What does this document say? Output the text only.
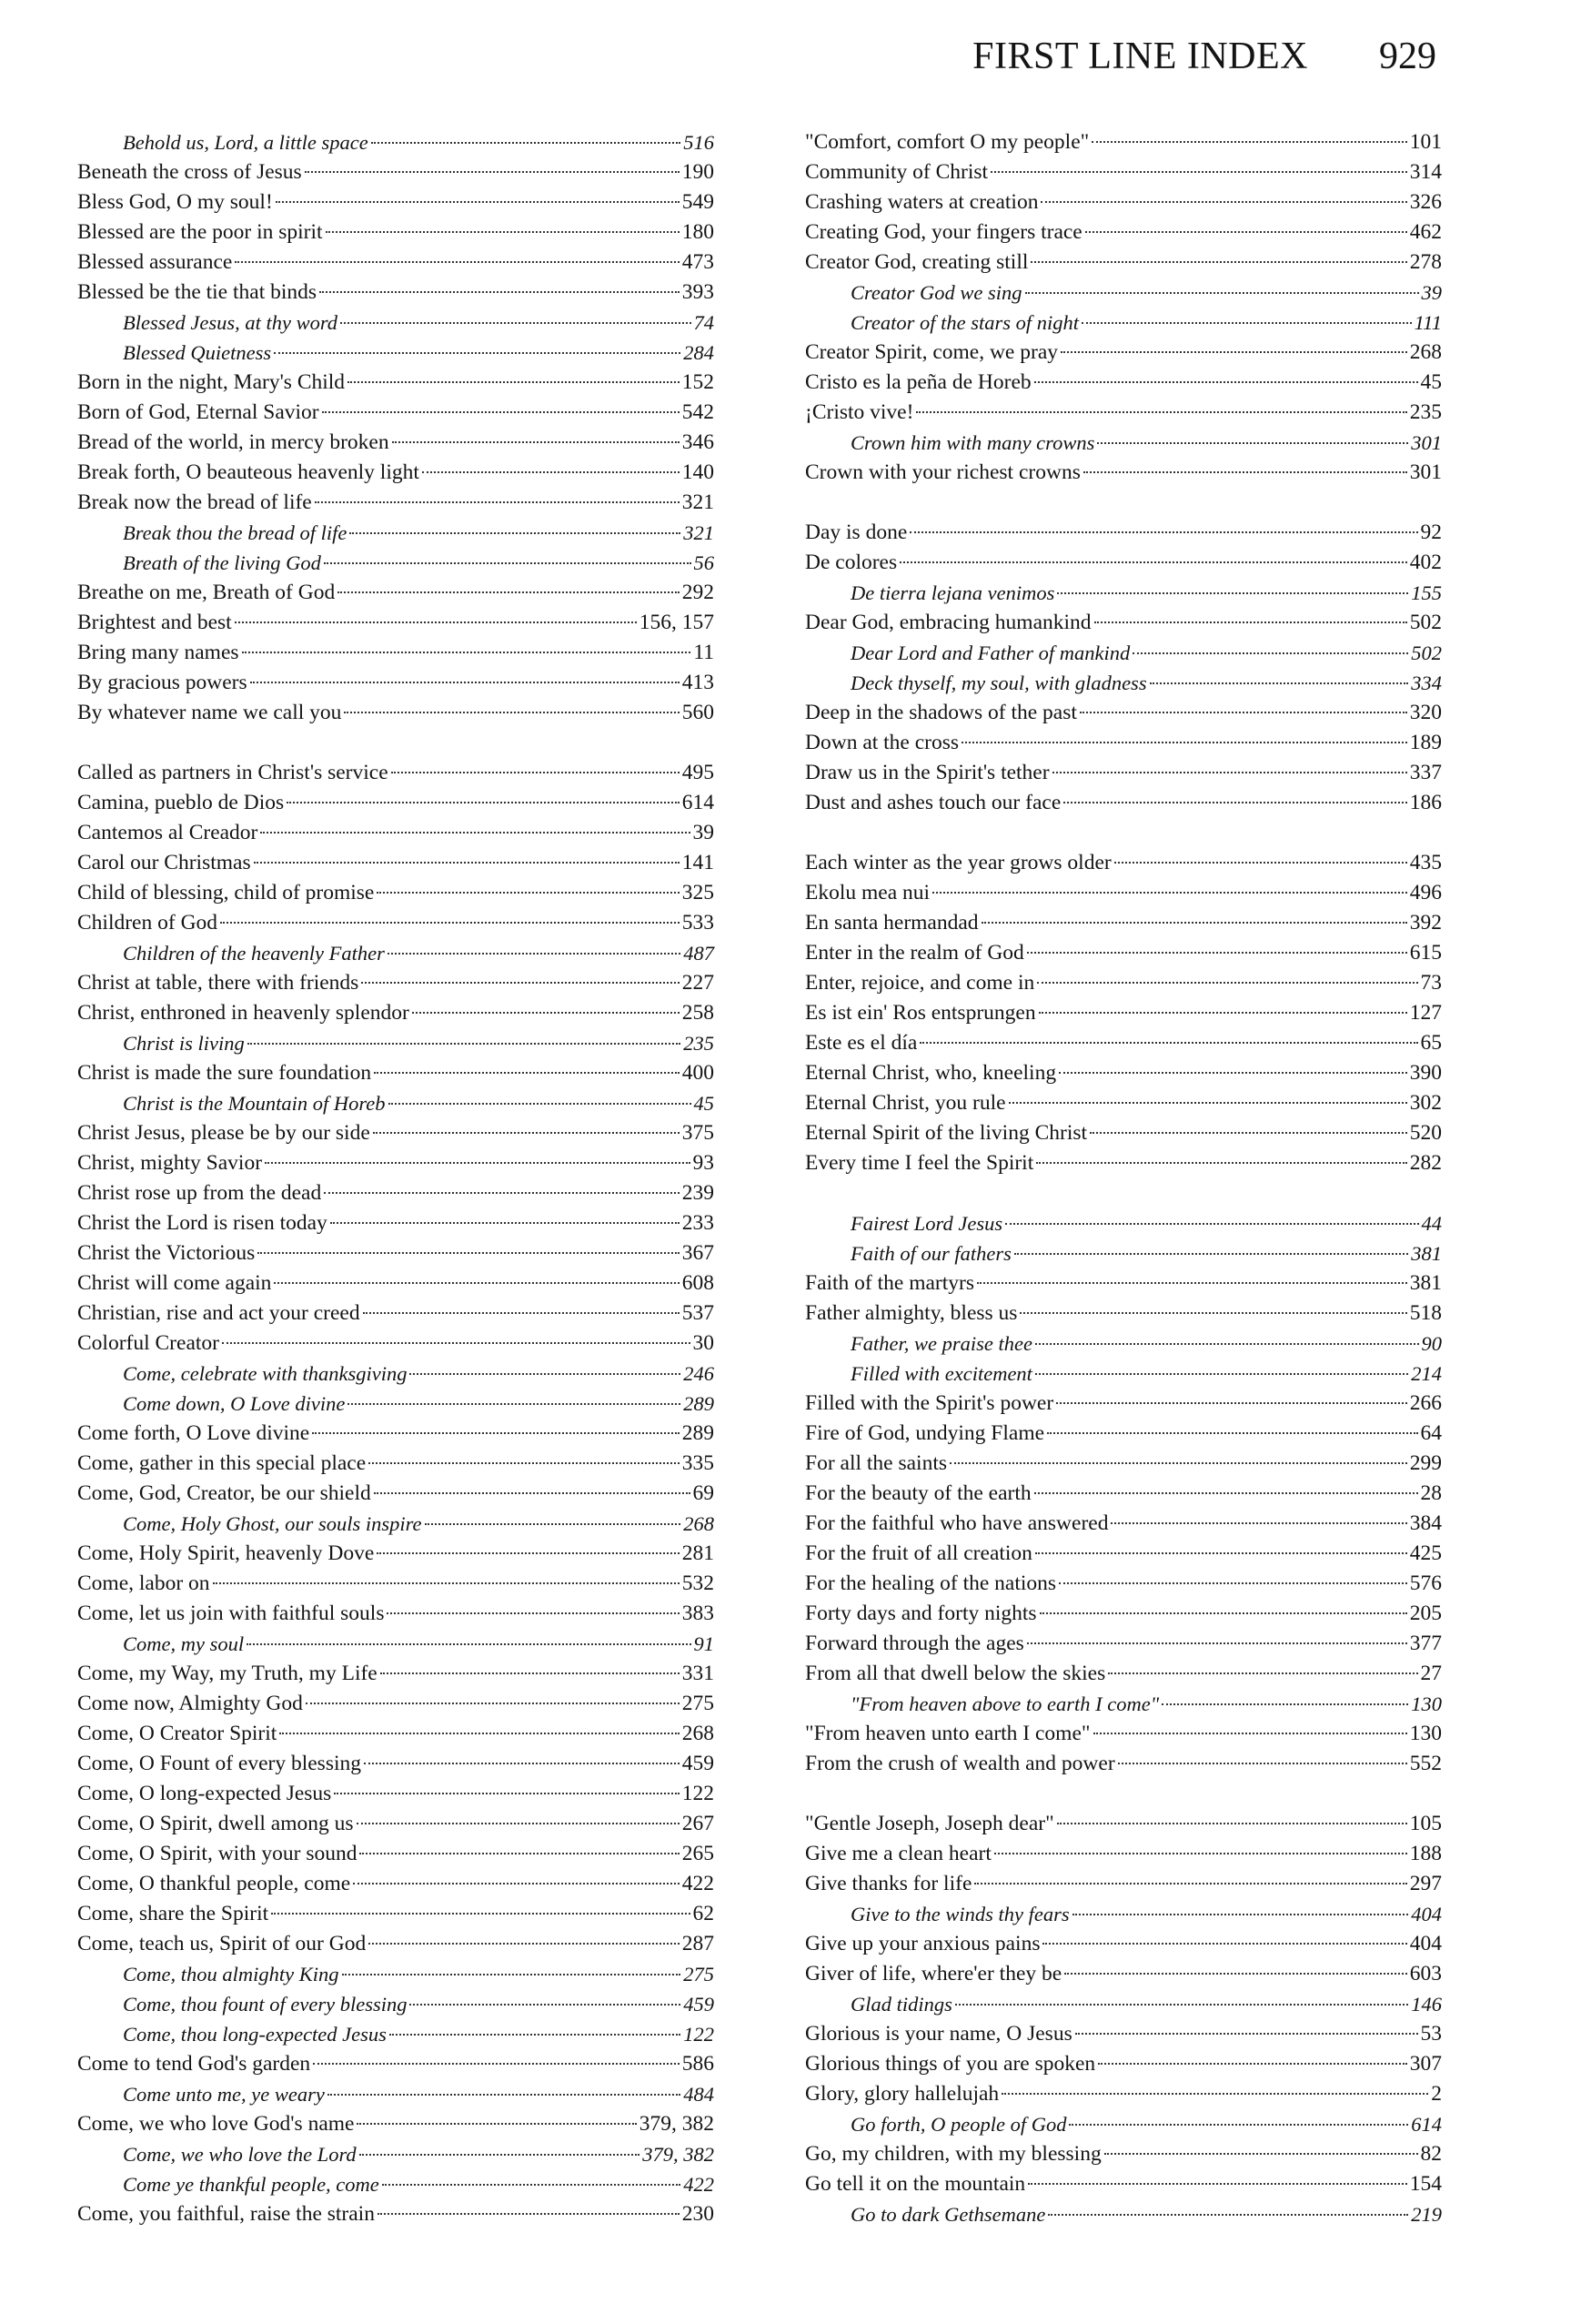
FIRST LINE INDEX 929
Behold us, Lord, a little space	516
Beneath the cross of Jesus	190
Bless God, O my soul!	549
Blessed are the poor in spirit	180
Blessed assurance	473
Blessed be the tie that binds	393
Blessed Jesus, at thy word	74
Blessed Quietness	284
Born in the night, Mary's Child	152
Born of God, Eternal Savior	542
Bread of the world, in mercy broken	346
Break forth, O beauteous heavenly light	140
Break now the bread of life	321
Break thou the bread of life	321
Breath of the living God	56
Breathe on me, Breath of God	292
Brightest and best	156, 157
Bring many names	11
By gracious powers	413
By whatever name we call you	560
Called as partners in Christ's service	495
Camina, pueblo de Dios	614
Cantemos al Creador	39
Carol our Christmas	141
Child of blessing, child of promise	325
Children of God	533
Children of the heavenly Father	487
Christ at table, there with friends	227
Christ, enthroned in heavenly splendor	258
Christ is living	235
Christ is made the sure foundation	400
Christ is the Mountain of Horeb	45
Christ Jesus, please be by our side	375
Christ, mighty Savior	93
Christ rose up from the dead	239
Christ the Lord is risen today	233
Christ the Victorious	367
Christ will come again	608
Christian, rise and act your creed	537
Colorful Creator	30
Come, celebrate with thanksgiving	246
Come down, O Love divine	289
Come forth, O Love divine	289
Come, gather in this special place	335
Come, God, Creator, be our shield	69
Come, Holy Ghost, our souls inspire	268
Come, Holy Spirit, heavenly Dove	281
Come, labor on	532
Come, let us join with faithful souls	383
Come, my soul	91
Come, my Way, my Truth, my Life	331
Come now, Almighty God	275
Come, O Creator Spirit	268
Come, O Fount of every blessing	459
Come, O long-expected Jesus	122
Come, O Spirit, dwell among us	267
Come, O Spirit, with your sound	265
Come, O thankful people, come	422
Come, share the Spirit	62
Come, teach us, Spirit of our God	287
Come, thou almighty King	275
Come, thou fount of every blessing	459
Come, thou long-expected Jesus	122
Come to tend God's garden	586
Come unto me, ye weary	484
Come, we who love God's name	379, 382
Come, we who love the Lord	379, 382
Come ye thankful people, come	422
Come, you faithful, raise the strain	230
"Comfort, comfort O my people"	101
Community of Christ	314
Crashing waters at creation	326
Creating God, your fingers trace	462
Creator God, creating still	278
Creator God we sing	39
Creator of the stars of night	111
Creator Spirit, come, we pray	268
Cristo es la peña de Horeb	45
¡Cristo vive!	235
Crown him with many crowns	301
Crown with your richest crowns	301
Day is done	92
De colores	402
De tierra lejana venimos	155
Dear God, embracing humankind	502
Dear Lord and Father of mankind	502
Deck thyself, my soul, with gladness	334
Deep in the shadows of the past	320
Down at the cross	189
Draw us in the Spirit's tether	337
Dust and ashes touch our face	186
Each winter as the year grows older	435
Ekolu mea nui	496
En santa hermandad	392
Enter in the realm of God	615
Enter, rejoice, and come in	73
Es ist ein' Ros entsprungen	127
Este es el día	65
Eternal Christ, who, kneeling	390
Eternal Christ, you rule	302
Eternal Spirit of the living Christ	520
Every time I feel the Spirit	282
Fairest Lord Jesus	44
Faith of our fathers	381
Faith of the martyrs	381
Father almighty, bless us	518
Father, we praise thee	90
Filled with excitement	214
Filled with the Spirit's power	266
Fire of God, undying Flame	64
For all the saints	299
For the beauty of the earth	28
For the faithful who have answered	384
For the fruit of all creation	425
For the healing of the nations	576
Forty days and forty nights	205
Forward through the ages	377
From all that dwell below the skies	27
"From heaven above to earth I come"	130
"From heaven unto earth I come"	130
From the crush of wealth and power	552
"Gentle Joseph, Joseph dear"	105
Give me a clean heart	188
Give thanks for life	297
Give to the winds thy fears	404
Give up your anxious pains	404
Giver of life, where'er they be	603
Glad tidings	146
Glorious is your name, O Jesus	53
Glorious things of you are spoken	307
Glory, glory hallelujah	2
Go forth, O people of God	614
Go, my children, with my blessing	82
Go tell it on the mountain	154
Go to dark Gethsemane	219
